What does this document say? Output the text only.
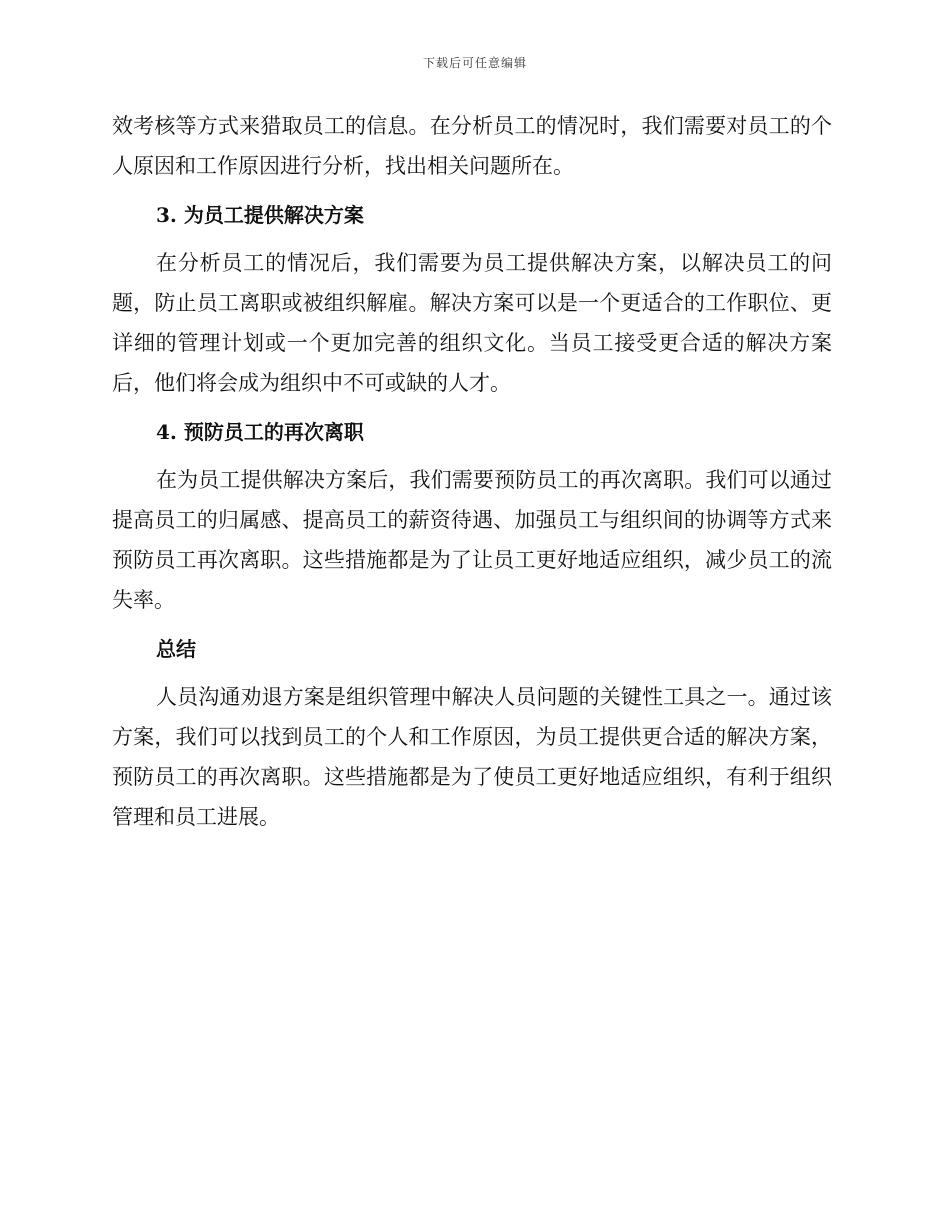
下载后可任意编辑

效考核等方式来猎取员工的信息。在分析员工的情况时，我们需要对员工的个人原因和工作原因进行分析，找出相关问题所在。

3. 为员工提供解决方案

在分析员工的情况后，我们需要为员工提供解决方案，以解决员工的问题，防止员工离职或被组织解雇。解决方案可以是一个更适合的工作职位、更详细的管理计划或一个更加完善的组织文化。当员工接受更合适的解决方案后，他们将会成为组织中不可或缺的人才。

4. 预防员工的再次离职

在为员工提供解决方案后，我们需要预防员工的再次离职。我们可以通过提高员工的归属感、提高员工的薪资待遇、加强员工与组织间的协调等方式来预防员工再次离职。这些措施都是为了让员工更好地适应组织，减少员工的流失率。

总结

人员沟通劝退方案是组织管理中解决人员问题的关键性工具之一。通过该方案，我们可以找到员工的个人和工作原因，为员工提供更合适的解决方案，预防员工的再次离职。这些措施都是为了使员工更好地适应组织，有利于组织管理和员工进展。
